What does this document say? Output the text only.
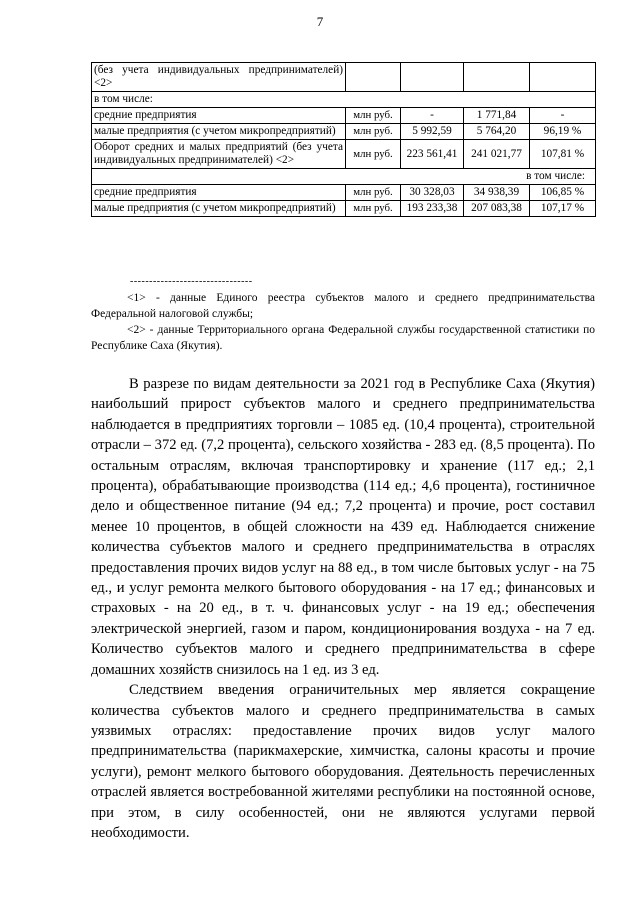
7
(без учета индивидуальных предпринимателей) <2>				
в том числе:				
средние предприятия	млн руб.	-	1 771,84	-
малые предприятия (с учетом микропредприятий)	млн руб.	5 992,59	5 764,20	96,19 %
Оборот средних и малых предприятий (без учета индивидуальных предпринимателей) <2>	млн руб.	223 561,41	241 021,77	107,81 %
в том числе:				
средние предприятия	млн руб.	30 328,03	34 938,39	106,85 %
малые предприятия (с учетом микропредприятий)	млн руб.	193 233,38	207 083,38	107,17 %
--------------------------------

<1> - данные Единого реестра субъектов малого и среднего предпринимательства Федеральной налоговой службы;

<2> - данные Территориального органа Федеральной службы государственной статистики по Республике Саха (Якутия).

В разрезе по видам деятельности за 2021 год в Республике Саха (Якутия) наибольший прирост субъектов малого и среднего предпринимательства наблюдается в предприятиях торговли – 1085 ед. (10,4 процента), строительной отрасли – 372 ед. (7,2 процента), сельского хозяйства - 283 ед. (8,5 процента). По остальным отраслям, включая транспортировку и хранение (117 ед.; 2,1 процента), обрабатывающие производства (114 ед.; 4,6 процента), гостиничное дело и общественное питание (94 ед.; 7,2 процента) и прочие, рост составил менее 10 процентов, в общей сложности на 439 ед. Наблюдается снижение количества субъектов малого и среднего предпринимательства в отраслях предоставления прочих видов услуг на 88 ед., в том числе бытовых услуг - на 75 ед., и услуг ремонта мелкого бытового оборудования - на 17 ед.; финансовых и страховых - на 20 ед., в т. ч. финансовых услуг - на 19 ед.; обеспечения электрической энергией, газом и паром, кондиционирования воздуха - на 7 ед. Количество субъектов малого и среднего предпринимательства в сфере домашних хозяйств снизилось на 1 ед. из 3 ед.

Следствием введения ограничительных мер является сокращение количества субъектов малого и среднего предпринимательства в самых уязвимых отраслях: предоставление прочих видов услуг малого предпринимательства (парикмахерские, химчистка, салоны красоты и прочие услуги), ремонт мелкого бытового оборудования. Деятельность перечисленных отраслей является востребованной жителями республики на постоянной основе, при этом, в силу особенностей, они не являются услугами первой необходимости.
